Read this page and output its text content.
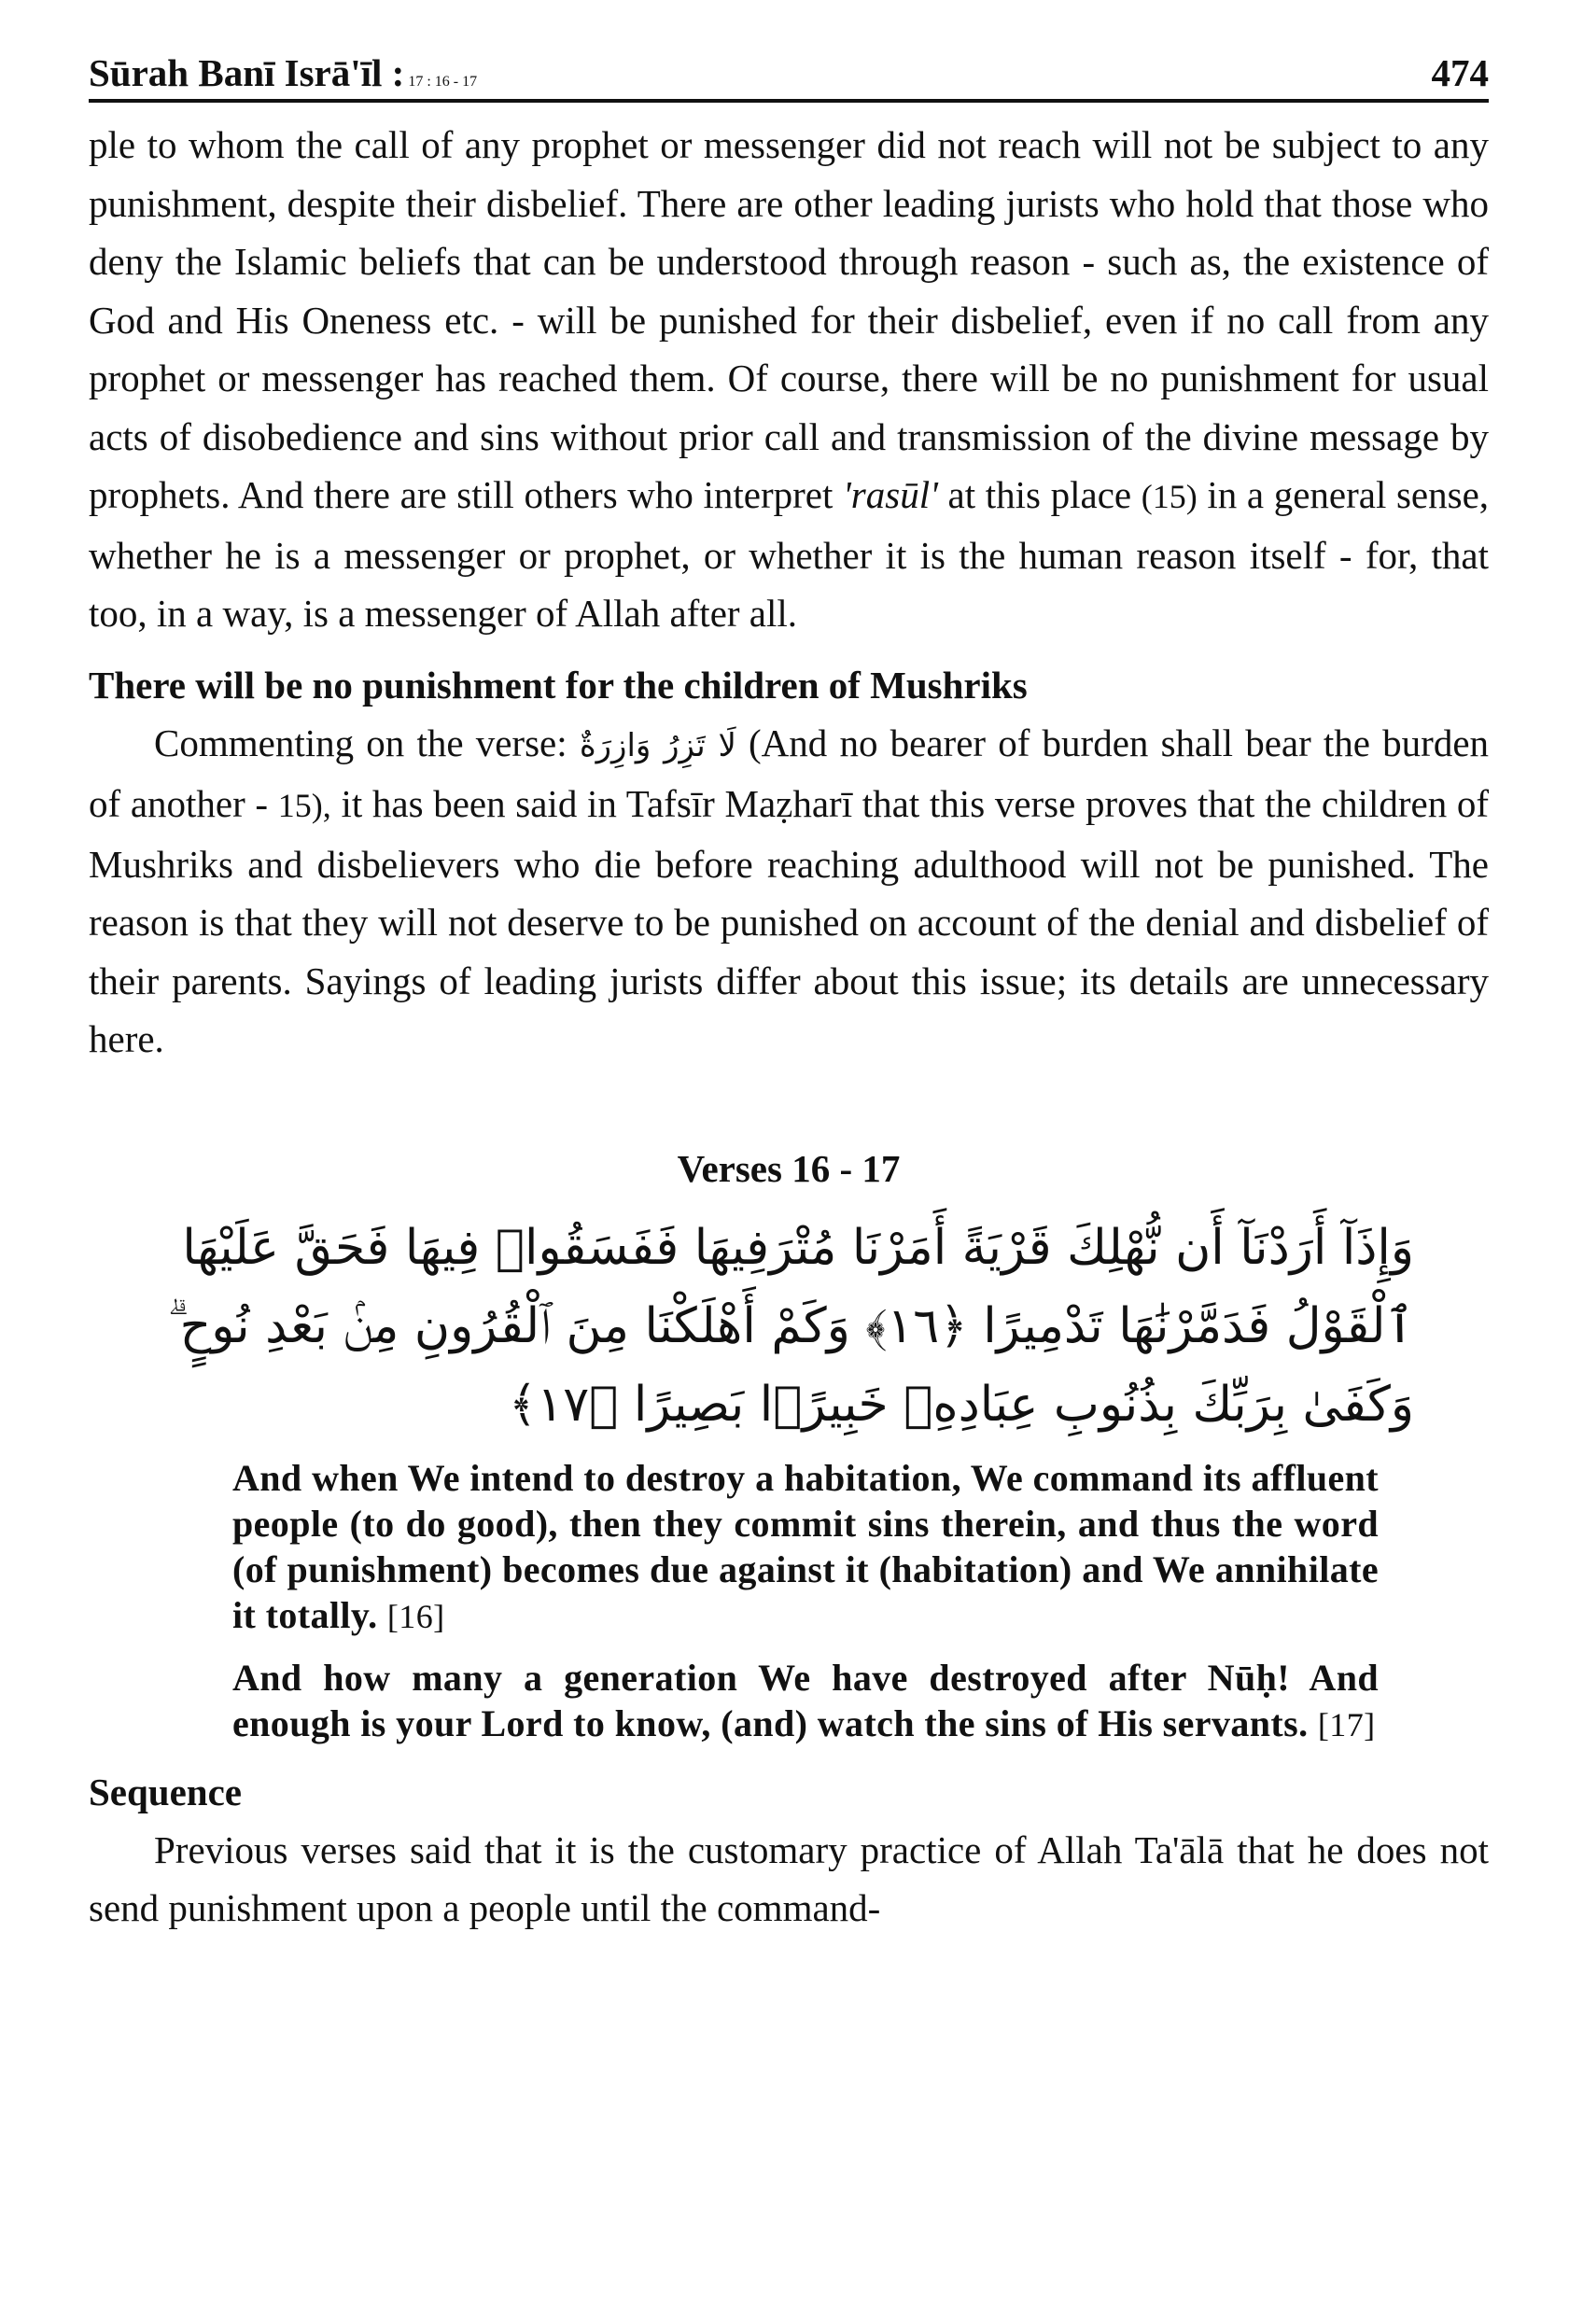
Sūrah Banī Isrā'īl : 17 : 16 - 17	474

ple to whom the call of any prophet or messenger did not reach will not be subject to any punishment, despite their disbelief. There are other leading jurists who hold that those who deny the Islamic beliefs that can be understood through reason - such as, the existence of God and His Oneness etc. - will be punished for their disbelief, even if no call from any prophet or messenger has reached them. Of course, there will be no punishment for usual acts of disobedience and sins without prior call and transmission of the divine message by prophets. And there are still others who interpret 'rasūl' at this place (15) in a general sense, whether he is a messenger or prophet, or whether it is the human reason itself - for, that too, in a way, is a messenger of Allah after all.

There will be no punishment for the children of Mushriks

Commenting on the verse: لَا تَزِرُ وَازِرَةٌ (And no bearer of burden shall bear the burden of another - 15), it has been said in Tafsīr Maẓharī that this verse proves that the children of Mushriks and disbelievers who die before reaching adulthood will not be punished. The reason is that they will not deserve to be punished on account of the denial and disbelief of their parents. Sayings of leading jurists differ about this issue; its details are unnecessary here.

Verses 16 - 17
وَإِذَآ أَرَدْنَآ أَن نُّهْلِكَ قَرْيَةً أَمَرْنَا مُتْرَفِيهَا فَفَسَقُوا۟ فِيهَا فَحَقَّ عَلَيْهَا
ٱلْقَوْلُ فَدَمَّرْنَٰهَا تَدْمِيرًا ﴿١٦﴾ وَكَمْ أَهْلَكْنَا مِنَ ٱلْقُرُونِ مِنۢ بَعْدِ نُوحٍ ۗ
وَكَفَىٰ بِرَبِّكَ بِذُنُوبِ عِبَادِهِۦ خَبِيرًۢا بَصِيرًا ﴿١٧﴾

And when We intend to destroy a habitation, We command its affluent people (to do good), then they commit sins therein, and thus the word (of punishment) becomes due against it (habitation) and We annihilate it totally. [16]

And how many a generation We have destroyed after Nūḥ! And enough is your Lord to know, (and) watch the sins of His servants. [17]

Sequence

Previous verses said that it is the customary practice of Allah Ta'ālā that he does not send punishment upon a people until the command-
